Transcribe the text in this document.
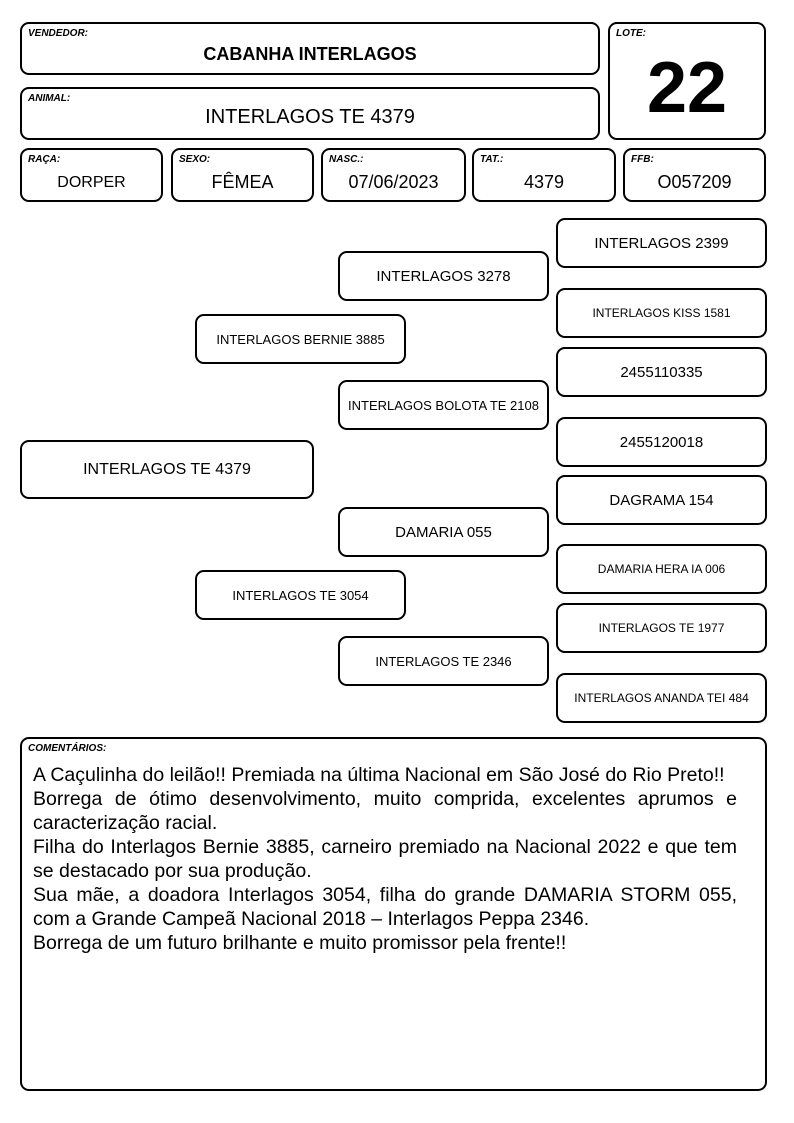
VENDEDOR:
CABANHA INTERLAGOS
ANIMAL:
INTERLAGOS TE 4379
LOTE:
22
RAÇA:
DORPER
SEXO:
FÊMEA
NASC.:
07/06/2023
TAT.:
4379
FFB:
O057209
INTERLAGOS TE 4379
INTERLAGOS BERNIE 3885
INTERLAGOS TE 3054
INTERLAGOS 3278
INTERLAGOS BOLOTA TE 2108
DAMARIA 055
INTERLAGOS TE 2346
INTERLAGOS 2399
INTERLAGOS KISS 1581
2455110335
2455120018
DAGRAMA 154
DAMARIA HERA IA 006
INTERLAGOS TE 1977
INTERLAGOS ANANDA TEI 484
COMENTÁRIOS:

A Caçulinha do leilão!! Premiada na última Nacional em São José do Rio Preto!!

Borrega de ótimo desenvolvimento, muito comprida, excelentes aprumos e caracterização racial.

Filha do Interlagos Bernie 3885, carneiro premiado na Nacional 2022 e que tem se destacado por sua produção.

Sua mãe, a doadora Interlagos 3054, filha do grande DAMARIA STORM 055, com a Grande Campeã Nacional 2018 – Interlagos Peppa 2346.

Borrega de um futuro brilhante e muito promissor pela frente!!
